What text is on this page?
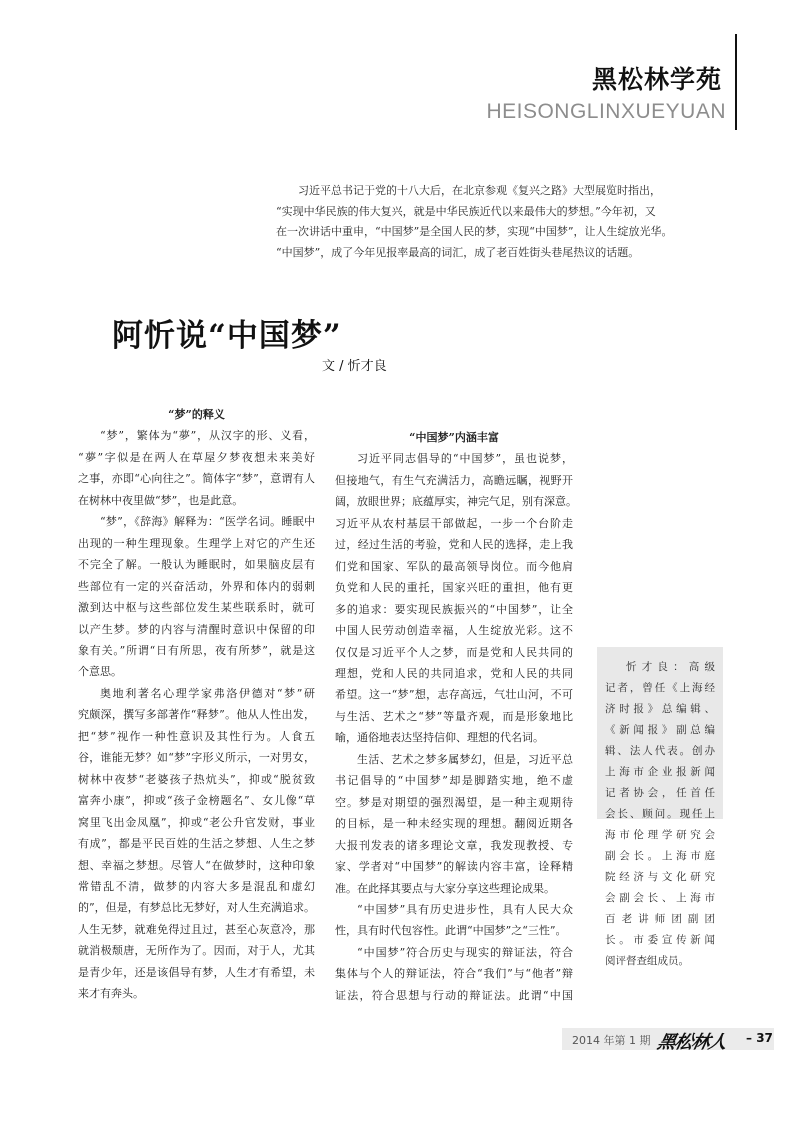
黑松林学苑
HEISONGLINXUEYUAN

习近平总书记于党的十八大后，在北京参观《复兴之路》大型展览时指出，

“实现中华民族的伟大复兴，就是中华民族近代以来最伟大的梦想。”今年初，又

在一次讲话中重申，“中国梦”是全国人民的梦，实现“中国梦”，让人生绽放光华。

“中国梦”，成了今年见报率最高的词汇，成了老百姓街头巷尾热议的话题。

阿忻说“中国梦”
文 / 忻才良

“梦”的释义

“梦”，繁体为“夢”，从汉字的形、义看，

“夢”字似是在两人在草屋夕梦夜想未来美好

之事，亦即“心向往之”。简体字“梦”，意谓有人

在树林中夜里做“梦”，也是此意。

“梦”，《辞海》解释为：“医学名词。睡眠中

出现的一种生理现象。生理学上对它的产生还

不完全了解。一般认为睡眠时，如果脑皮层有

些部位有一定的兴奋活动，外界和体内的弱刺

激到达中枢与这些部位发生某些联系时，就可

以产生梦。梦的内容与清醒时意识中保留的印

象有关。”所谓“日有所思，夜有所梦”，就是这

个意思。

奥地利著名心理学家弗洛伊德对“梦”研

究颇深，撰写多部著作“释梦”。他从人性出发，

把“梦”视作一种性意识及其性行为。人食五

谷，谁能无梦？如“梦”字形义所示，一对男女，

树林中夜梦“老婆孩子热炕头”，抑或“脱贫致

富奔小康”，抑或“孩子金榜题名”、女儿像“草

窝里飞出金凤凰”，抑或“老公升官发财，事业

有成”，都是平民百姓的生活之梦想、人生之梦

想、幸福之梦想。尽管人“在做梦时，这种印象

常错乱不清，做梦的内容大多是混乱和虚幻

的”，但是，有梦总比无梦好，对人生充满追求。

人生无梦，就难免得过且过，甚至心灰意冷，那

就消极颓唐，无所作为了。因而，对于人，尤其

是青少年，还是该倡导有梦，人生才有希望，未

来才有奔头。

“中国梦”内涵丰富

习近平同志倡导的“中国梦”，虽也说梦，

但接地气，有生气充满活力，高瞻远瞩，视野开

阔，放眼世界；底蕴厚实，神完气足，别有深意。

习近平从农村基层干部做起，一步一个台阶走

过，经过生活的考验，党和人民的选择，走上我

们党和国家、军队的最高领导岗位。而今他肩

负党和人民的重托，国家兴旺的重担，他有更

多的追求：要实现民族振兴的“中国梦”，让全

中国人民劳动创造幸福，人生绽放光彩。这不

仅仅是习近平个人之梦，而是党和人民共同的

理想，党和人民的共同追求，党和人民的共同

希望。这一“梦”想，志存高远，气壮山河，不可

与生活、艺术之“梦”等量齐观，而是形象地比

喻，通俗地表达坚持信仰、理想的代名词。

生活、艺术之梦多属梦幻，但是，习近平总

书记倡导的“中国梦”却是脚踏实地，绝不虚

空。梦是对期望的强烈渴望，是一种主观期待

的目标，是一种未经实现的理想。翻阅近期各

大报刊发表的诸多理论文章，我发现教授、专

家、学者对“中国梦”的解读内容丰富，诠释精

准。在此择其要点与大家分享这些理论成果。

“中国梦”具有历史进步性，具有人民大众

性，具有时代包容性。此谓“中国梦”之“三性”。

“中国梦”符合历史与现实的辩证法，符合

集体与个人的辩证法，符合“我们”与“他者”辩

证法，符合思想与行动的辩证法。此谓“中国

忻才良：高级

记者，曾任《上海经

济时报》总编辑、

《新闻报》副总编

辑、法人代表。创办

上海市企业报新闻

记者协会，任首任

会长、顾问。现任上

海市伦理学研究会

副会长。上海市庭

院经济与文化研究

会副会长、上海市

百老讲师团副团

长。市委宣传新闻

阅评督查组成员。

2014 年第 1 期 黑松林人	– 37
